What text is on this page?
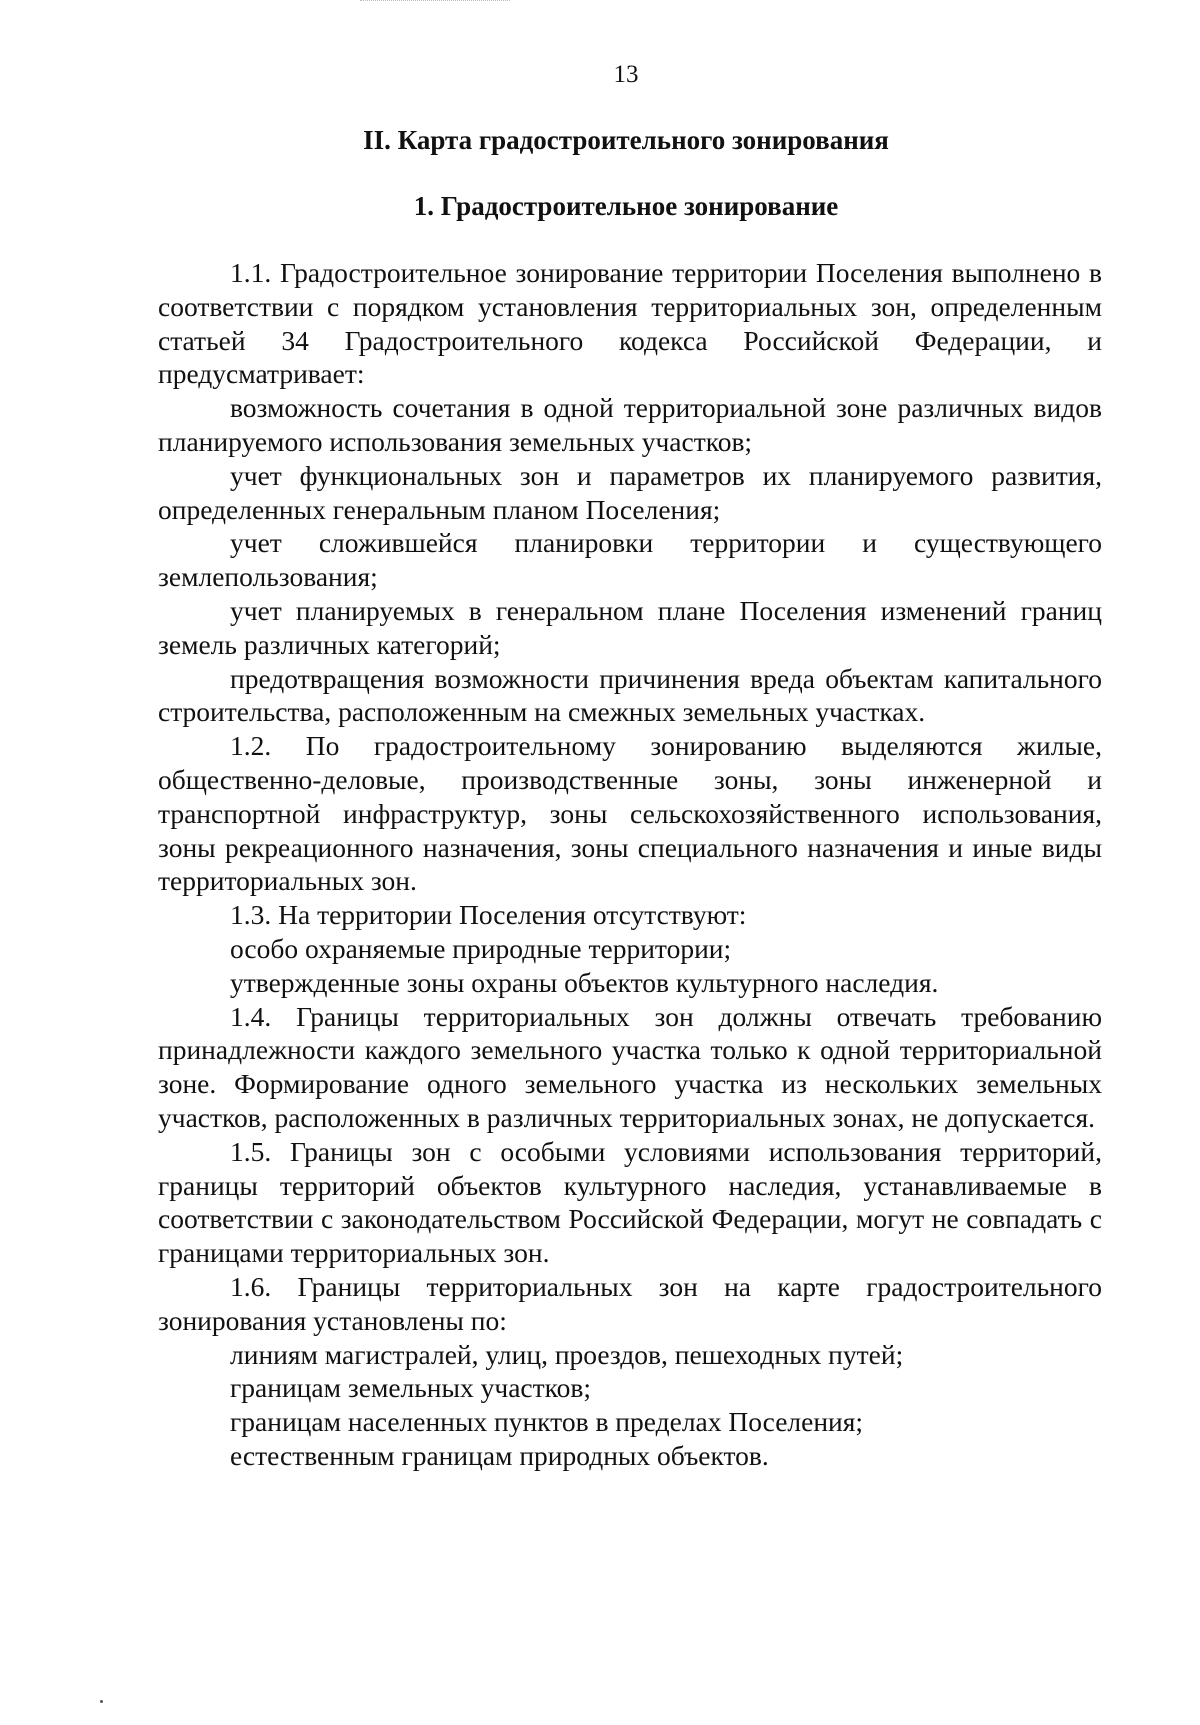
13
II. Карта градостроительного зонирования
1. Градостроительное зонирование

1.1. Градостроительное зонирование территории Поселения выполнено в соответствии с порядком установления территориальных зон, определенным статьей 34 Градостроительного кодекса Российской Федерации, и предусматривает:

возможность сочетания в одной территориальной зоне различных видов планируемого использования земельных участков;

учет функциональных зон и параметров их планируемого развития, определенных генеральным планом Поселения;

учет сложившейся планировки территории и существующего землепользования;

учет планируемых в генеральном плане Поселения изменений границ земель различных категорий;

предотвращения возможности причинения вреда объектам капитального строительства, расположенным на смежных земельных участках.

1.2. По градостроительному зонированию выделяются жилые, общественно-деловые, производственные зоны, зоны инженерной и транспортной инфраструктур, зоны сельскохозяйственного использования, зоны рекреационного назначения, зоны специального назначения и иные виды территориальных зон.

1.3. На территории Поселения отсутствуют:

особо охраняемые природные территории;

утвержденные зоны охраны объектов культурного наследия.

1.4. Границы территориальных зон должны отвечать требованию принадлежности каждого земельного участка только к одной территориальной зоне. Формирование одного земельного участка из нескольких земельных участков, расположенных в различных территориальных зонах, не допускается.

1.5. Границы зон с особыми условиями использования территорий, границы территорий объектов культурного наследия, устанавливаемые в соответствии с законодательством Российской Федерации, могут не совпадать с границами территориальных зон.

1.6. Границы территориальных зон на карте градостроительного зонирования установлены по:

линиям магистралей, улиц, проездов, пешеходных путей;

границам земельных участков;

границам населенных пунктов в пределах Поселения;

естественным границам природных объектов.
